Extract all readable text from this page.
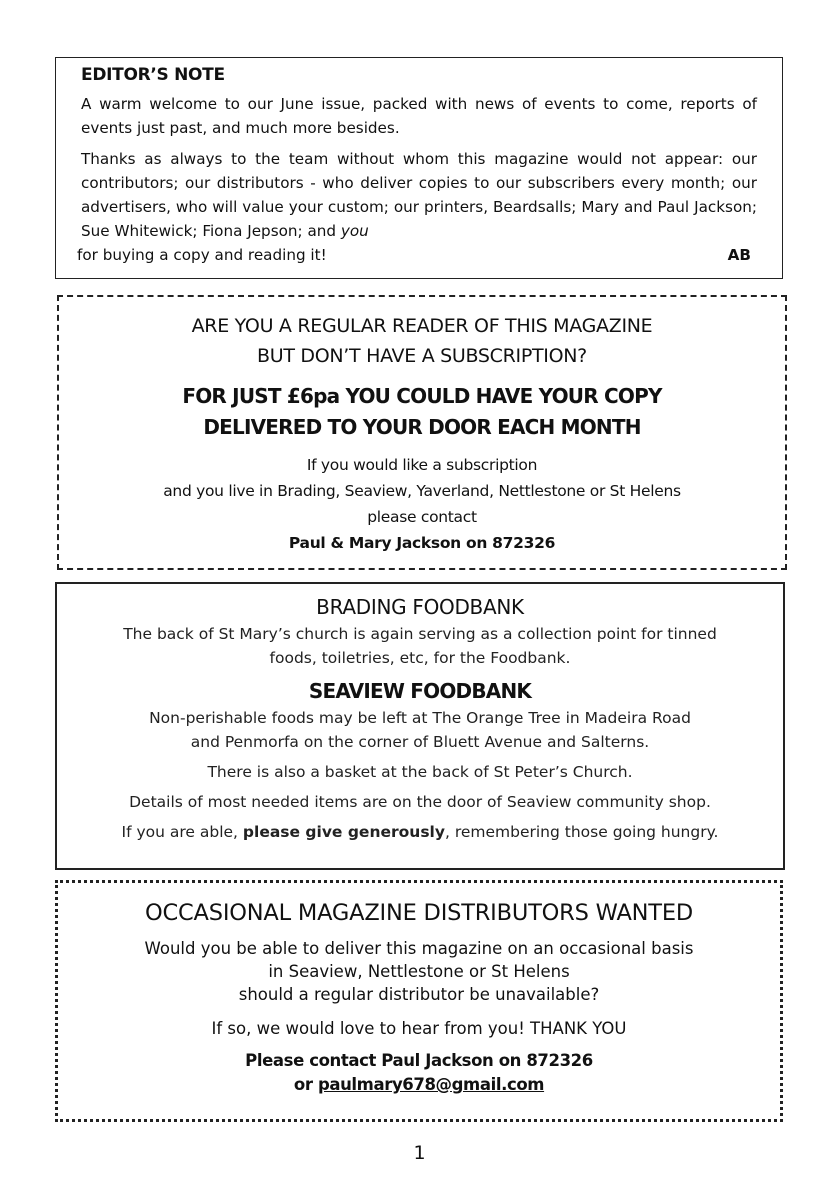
EDITOR’S NOTE

A warm welcome to our June issue, packed with news of events to come, reports of events just past, and much more besides.

Thanks as always to the team without whom this magazine would not appear: our contributors; our distributors - who deliver copies to our subscribers every month; our advertisers, who will value your custom; our printers, Beardsalls; Mary and Paul Jackson; Sue Whitewick; Fiona Jepson; and you

for buying a copy and reading it!	AB
ARE YOU A REGULAR READER OF THIS MAGAZINE
BUT DON’T HAVE A SUBSCRIPTION?
FOR JUST £6pa YOU COULD HAVE YOUR COPY
DELIVERED TO YOUR DOOR EACH MONTH
If you would like a subscription
and you live in Brading, Seaview, Yaverland, Nettlestone or St Helens
please contact
Paul & Mary Jackson on 872326
BRADING FOODBANK

The back of St Mary’s church is again serving as a collection point for tinned

foods, toiletries, etc, for the Foodbank.

SEAVIEW FOODBANK

Non-perishable foods may be left at The Orange Tree in Madeira Road

and Penmorfa on the corner of Bluett Avenue and Salterns.

There is also a basket at the back of St Peter’s Church.

Details of most needed items are on the door of Seaview community shop.

If you are able, please give generously, remembering those going hungry.

OCCASIONAL MAGAZINE DISTRIBUTORS WANTED

Would you be able to deliver this magazine on an occasional basis

in Seaview, Nettlestone or St Helens

should a regular distributor be unavailable?

If so, we would love to hear from you! THANK YOU

Please contact Paul Jackson on 872326
or paulmary678@gmail.com
1
